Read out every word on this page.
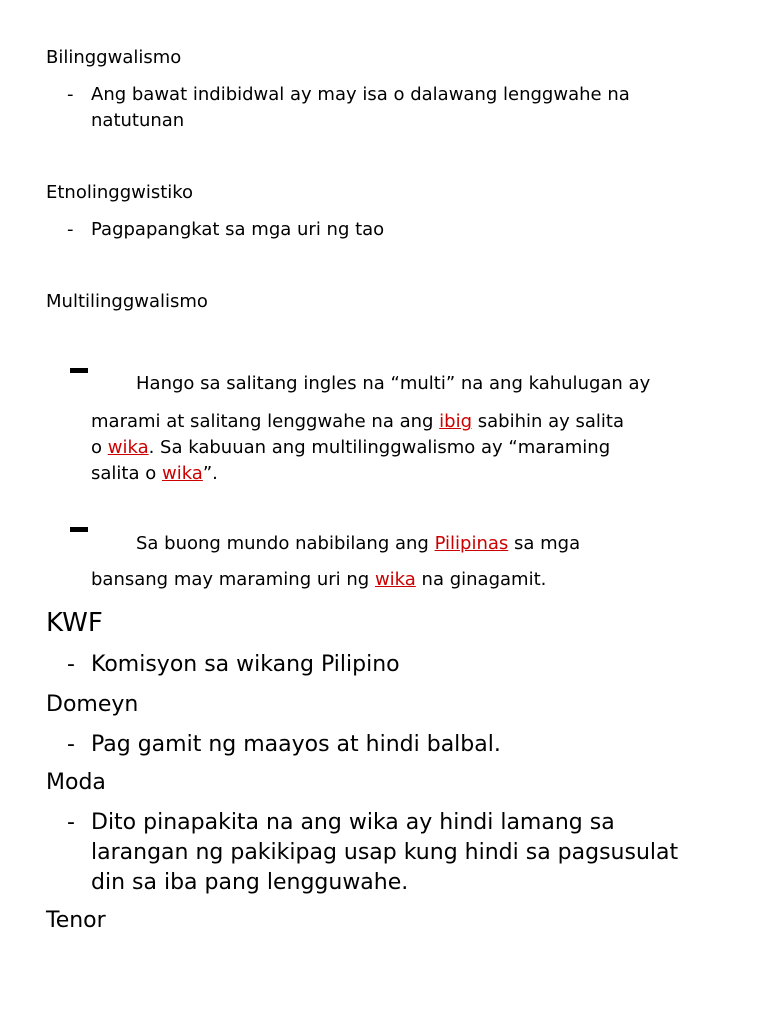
Bilinggwalismo
- Ang bawat indibidwal ay may isa o dalawang lenggwahe na
natutunan
Etnolinggwistiko
- Pagpapangkat sa mga uri ng tao
Multilinggwalismo
Hango sa salitang ingles na “multi” na ang kahulugan ay
marami at salitang lenggwahe na ang ibig sabihin ay salita
o wika. Sa kabuuan ang multilinggwalismo ay “maraming
salita o wika”.
Sa buong mundo nabibilang ang Pilipinas sa mga
bansang may maraming uri ng wika na ginagamit.
KWF
- Komisyon sa wikang Pilipino
Domeyn
- Pag gamit ng maayos at hindi balbal.
Moda
- Dito pinapakita na ang wika ay hindi lamang sa
larangan ng pakikipag usap kung hindi sa pagsusulat
din sa iba pang lengguwahe.
Tenor
